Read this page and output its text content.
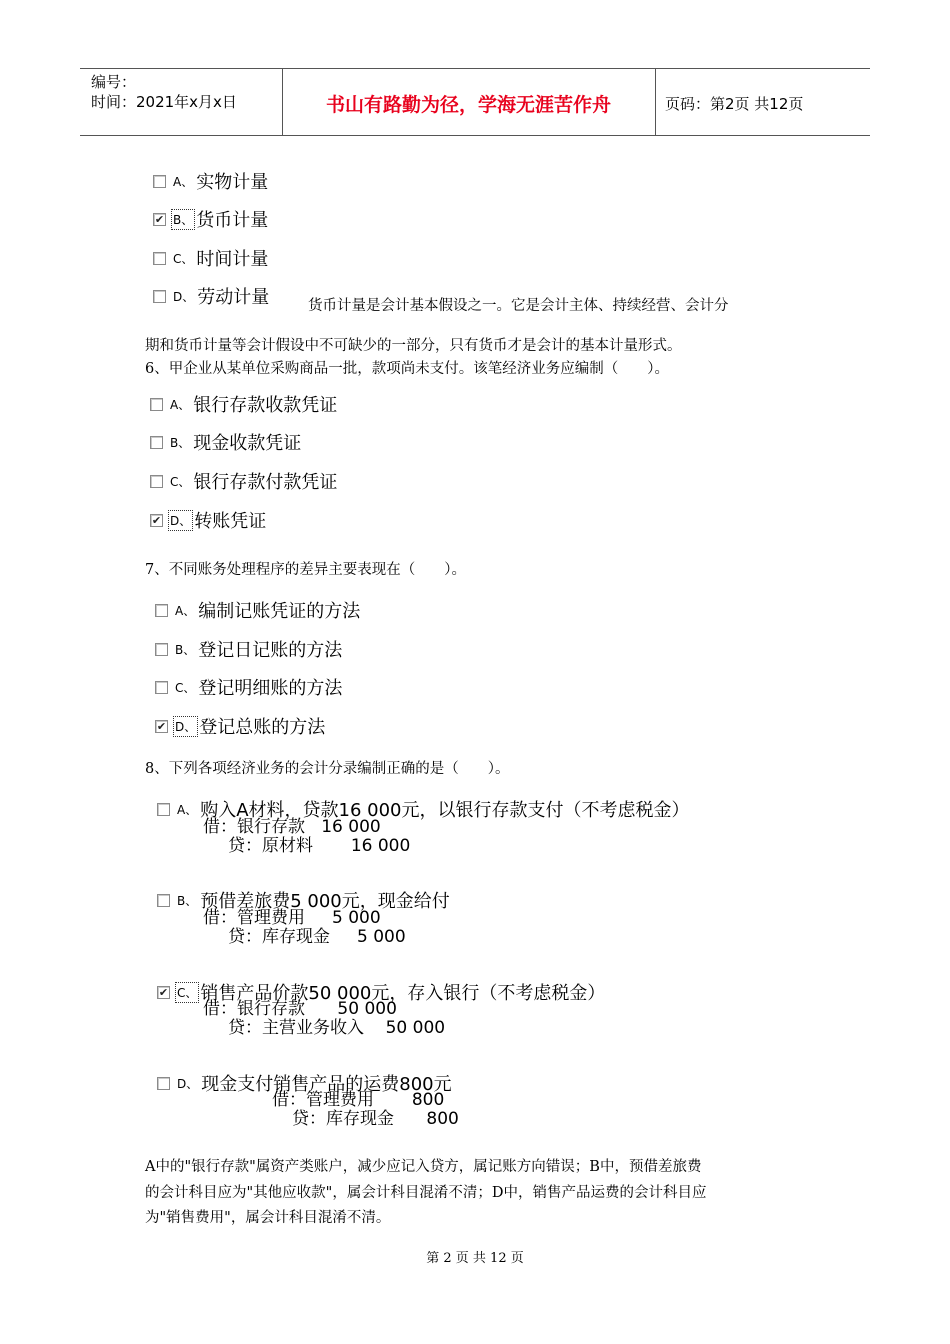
编号：
时间：2021年x月x日	书山有路勤为径，学海无涯苦作舟	页码：第2页 共12页
A、 实物计量
✔ B、 货币计量
C、 时间计量
D、 劳动计量	货币计量是会计基本假设之一。它是会计主体、持续经营、会计分
期和货币计量等会计假设中不可缺少的一部分，只有货币才是会计的基本计量形式。
6、甲企业从某单位采购商品一批，款项尚未支付。该笔经济业务应编制（　　）。
A、 银行存款收款凭证
B、 现金收款凭证
C、 银行存款付款凭证
✔ D、 转账凭证
7、不同账务处理程序的差异主要表现在（　　）。
A、 编制记账凭证的方法
B、 登记日记账的方法
C、 登记明细账的方法
✔ D、 登记总账的方法
8、下列各项经济业务的会计分录编制正确的是（　　）。
A、 购入A材料，贷款16 000元，以银行存款支付（不考虑税金）
借：银行存款   16 000
贷：原材料       16 000
B、 预借差旅费5 000元，现金给付
借：管理费用     5 000
贷：库存现金     5 000
✔ C、 销售产品价款50 000元，存入银行（不考虑税金）
借：银行存款      50 000
贷：主营业务收入    50 000
D、 现金支付销售产品的运费800元
借：管理费用       800
贷：库存现金      800
A中的"银行存款"属资产类账户，减少应记入贷方，属记账方向错误；B中，预借差旅费
的会计科目应为"其他应收款"，属会计科目混淆不清；D中，销售产品运费的会计科目应
为"销售费用"，属会计科目混淆不清。
第 2 页 共 12 页
